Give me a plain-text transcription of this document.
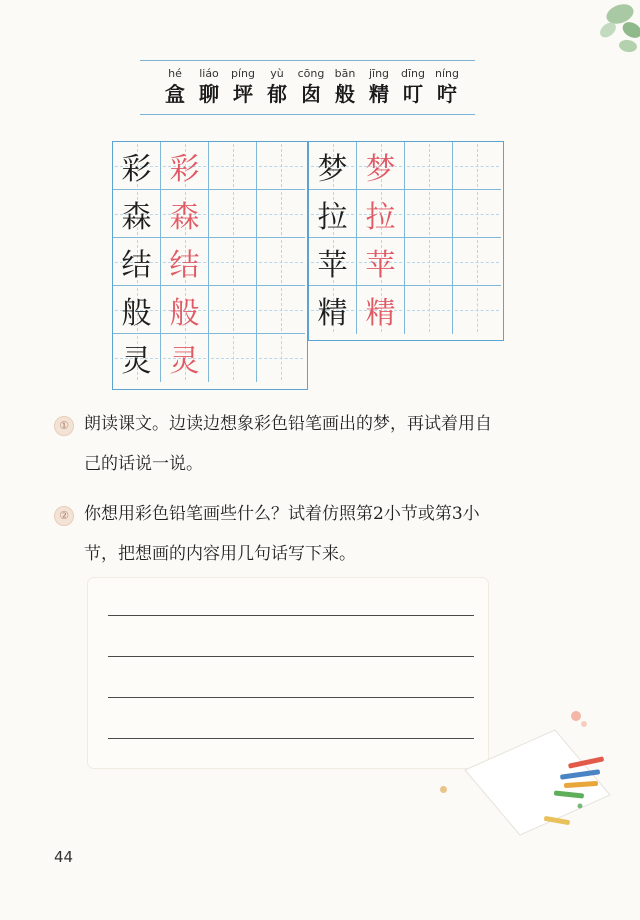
hé
盒
liáo
聊
píng
坪
yù
郁
cōng
囱
bān
般
jīng
精
dīng
叮
níng
咛
彩 彩
森 森
结 结
般 般
灵 灵
梦 梦
拉 拉
苹 苹
精 精
① 朗读课文。边读边想象彩色铅笔画出的梦，再试着用自
己的话说一说。
② 你想用彩色铅笔画些什么？试着仿照第2小节或第3小
节，把想画的内容用几句话写下来。
44
